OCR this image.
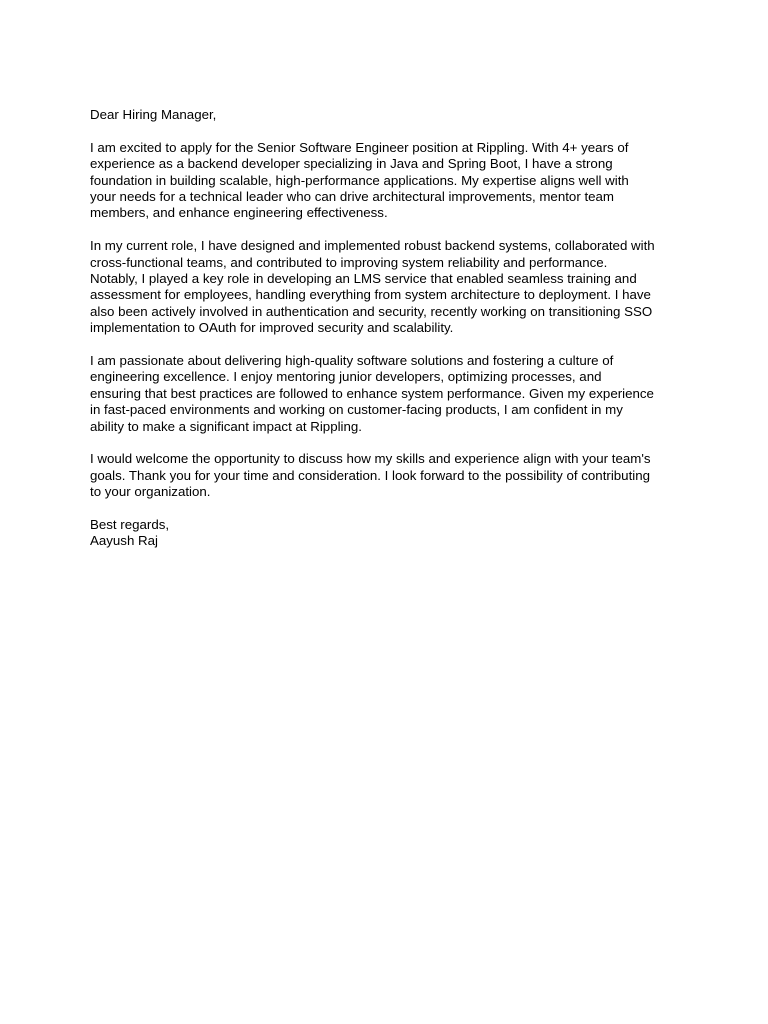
Dear Hiring Manager,

I am excited to apply for the Senior Software Engineer position at Rippling. With 4+ years of
experience as a backend developer specializing in Java and Spring Boot, I have a strong
foundation in building scalable, high-performance applications. My expertise aligns well with
your needs for a technical leader who can drive architectural improvements, mentor team
members, and enhance engineering effectiveness.

In my current role, I have designed and implemented robust backend systems, collaborated with
cross-functional teams, and contributed to improving system reliability and performance.
Notably, I played a key role in developing an LMS service that enabled seamless training and
assessment for employees, handling everything from system architecture to deployment. I have
also been actively involved in authentication and security, recently working on transitioning SSO
implementation to OAuth for improved security and scalability.

I am passionate about delivering high-quality software solutions and fostering a culture of
engineering excellence. I enjoy mentoring junior developers, optimizing processes, and
ensuring that best practices are followed to enhance system performance. Given my experience
in fast-paced environments and working on customer-facing products, I am confident in my
ability to make a significant impact at Rippling.

I would welcome the opportunity to discuss how my skills and experience align with your team's
goals. Thank you for your time and consideration. I look forward to the possibility of contributing
to your organization.

Best regards,
Aayush Raj
